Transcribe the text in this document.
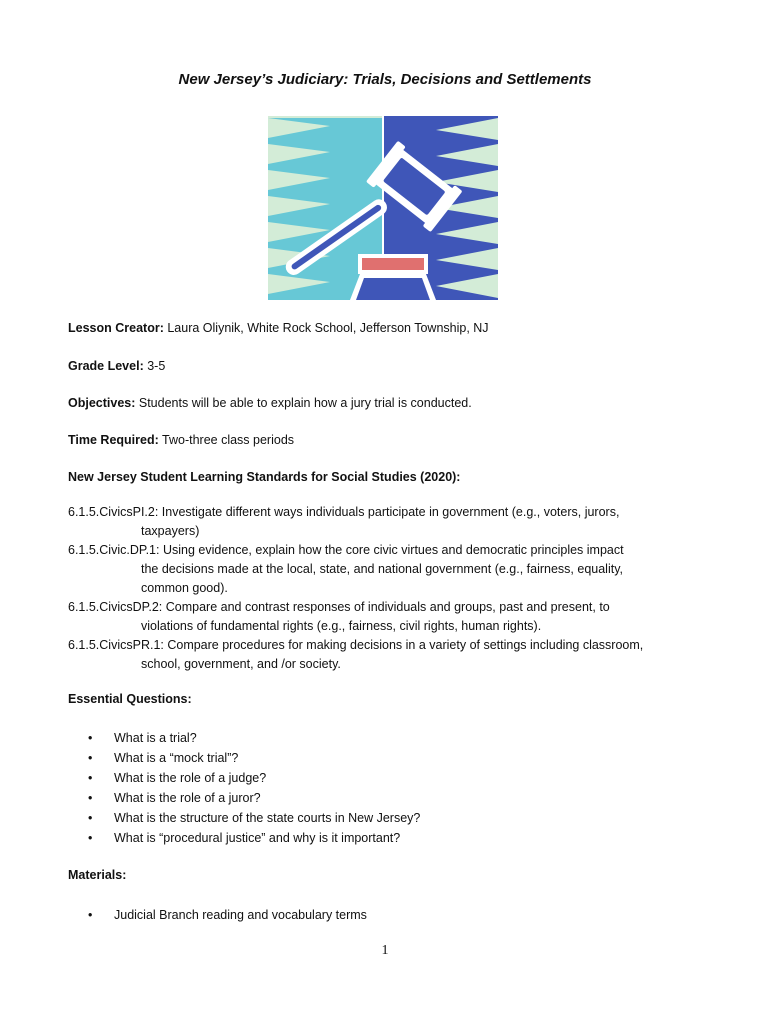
New Jersey’s Judiciary: Trials, Decisions and Settlements
Lesson Creator: Laura Oliynik, White Rock School, Jefferson Township, NJ
Grade Level: 3-5
Objectives: Students will be able to explain how a jury trial is conducted.
Time Required: Two-three class periods
New Jersey Student Learning Standards for Social Studies (2020):
6.1.5.CivicsPI.2: Investigate different ways individuals participate in government (e.g., voters, jurors,
taxpayers)
6.1.5.Civic.DP.1: Using evidence, explain how the core civic virtues and democratic principles impact
the decisions made at the local, state, and national government (e.g., fairness, equality,
common good).
6.1.5.CivicsDP.2: Compare and contrast responses of individuals and groups, past and present, to
violations of fundamental rights (e.g., fairness, civil rights, human rights).
6.1.5.CivicsPR.1: Compare procedures for making decisions in a variety of settings including classroom,
school, government, and /or society.
Essential Questions:
• What is a trial?
• What is a “mock trial”?
• What is the role of a judge?
• What is the role of a juror?
• What is the structure of the state courts in New Jersey?
• What is “procedural justice” and why is it important?
Materials:
• Judicial Branch reading and vocabulary terms
1
